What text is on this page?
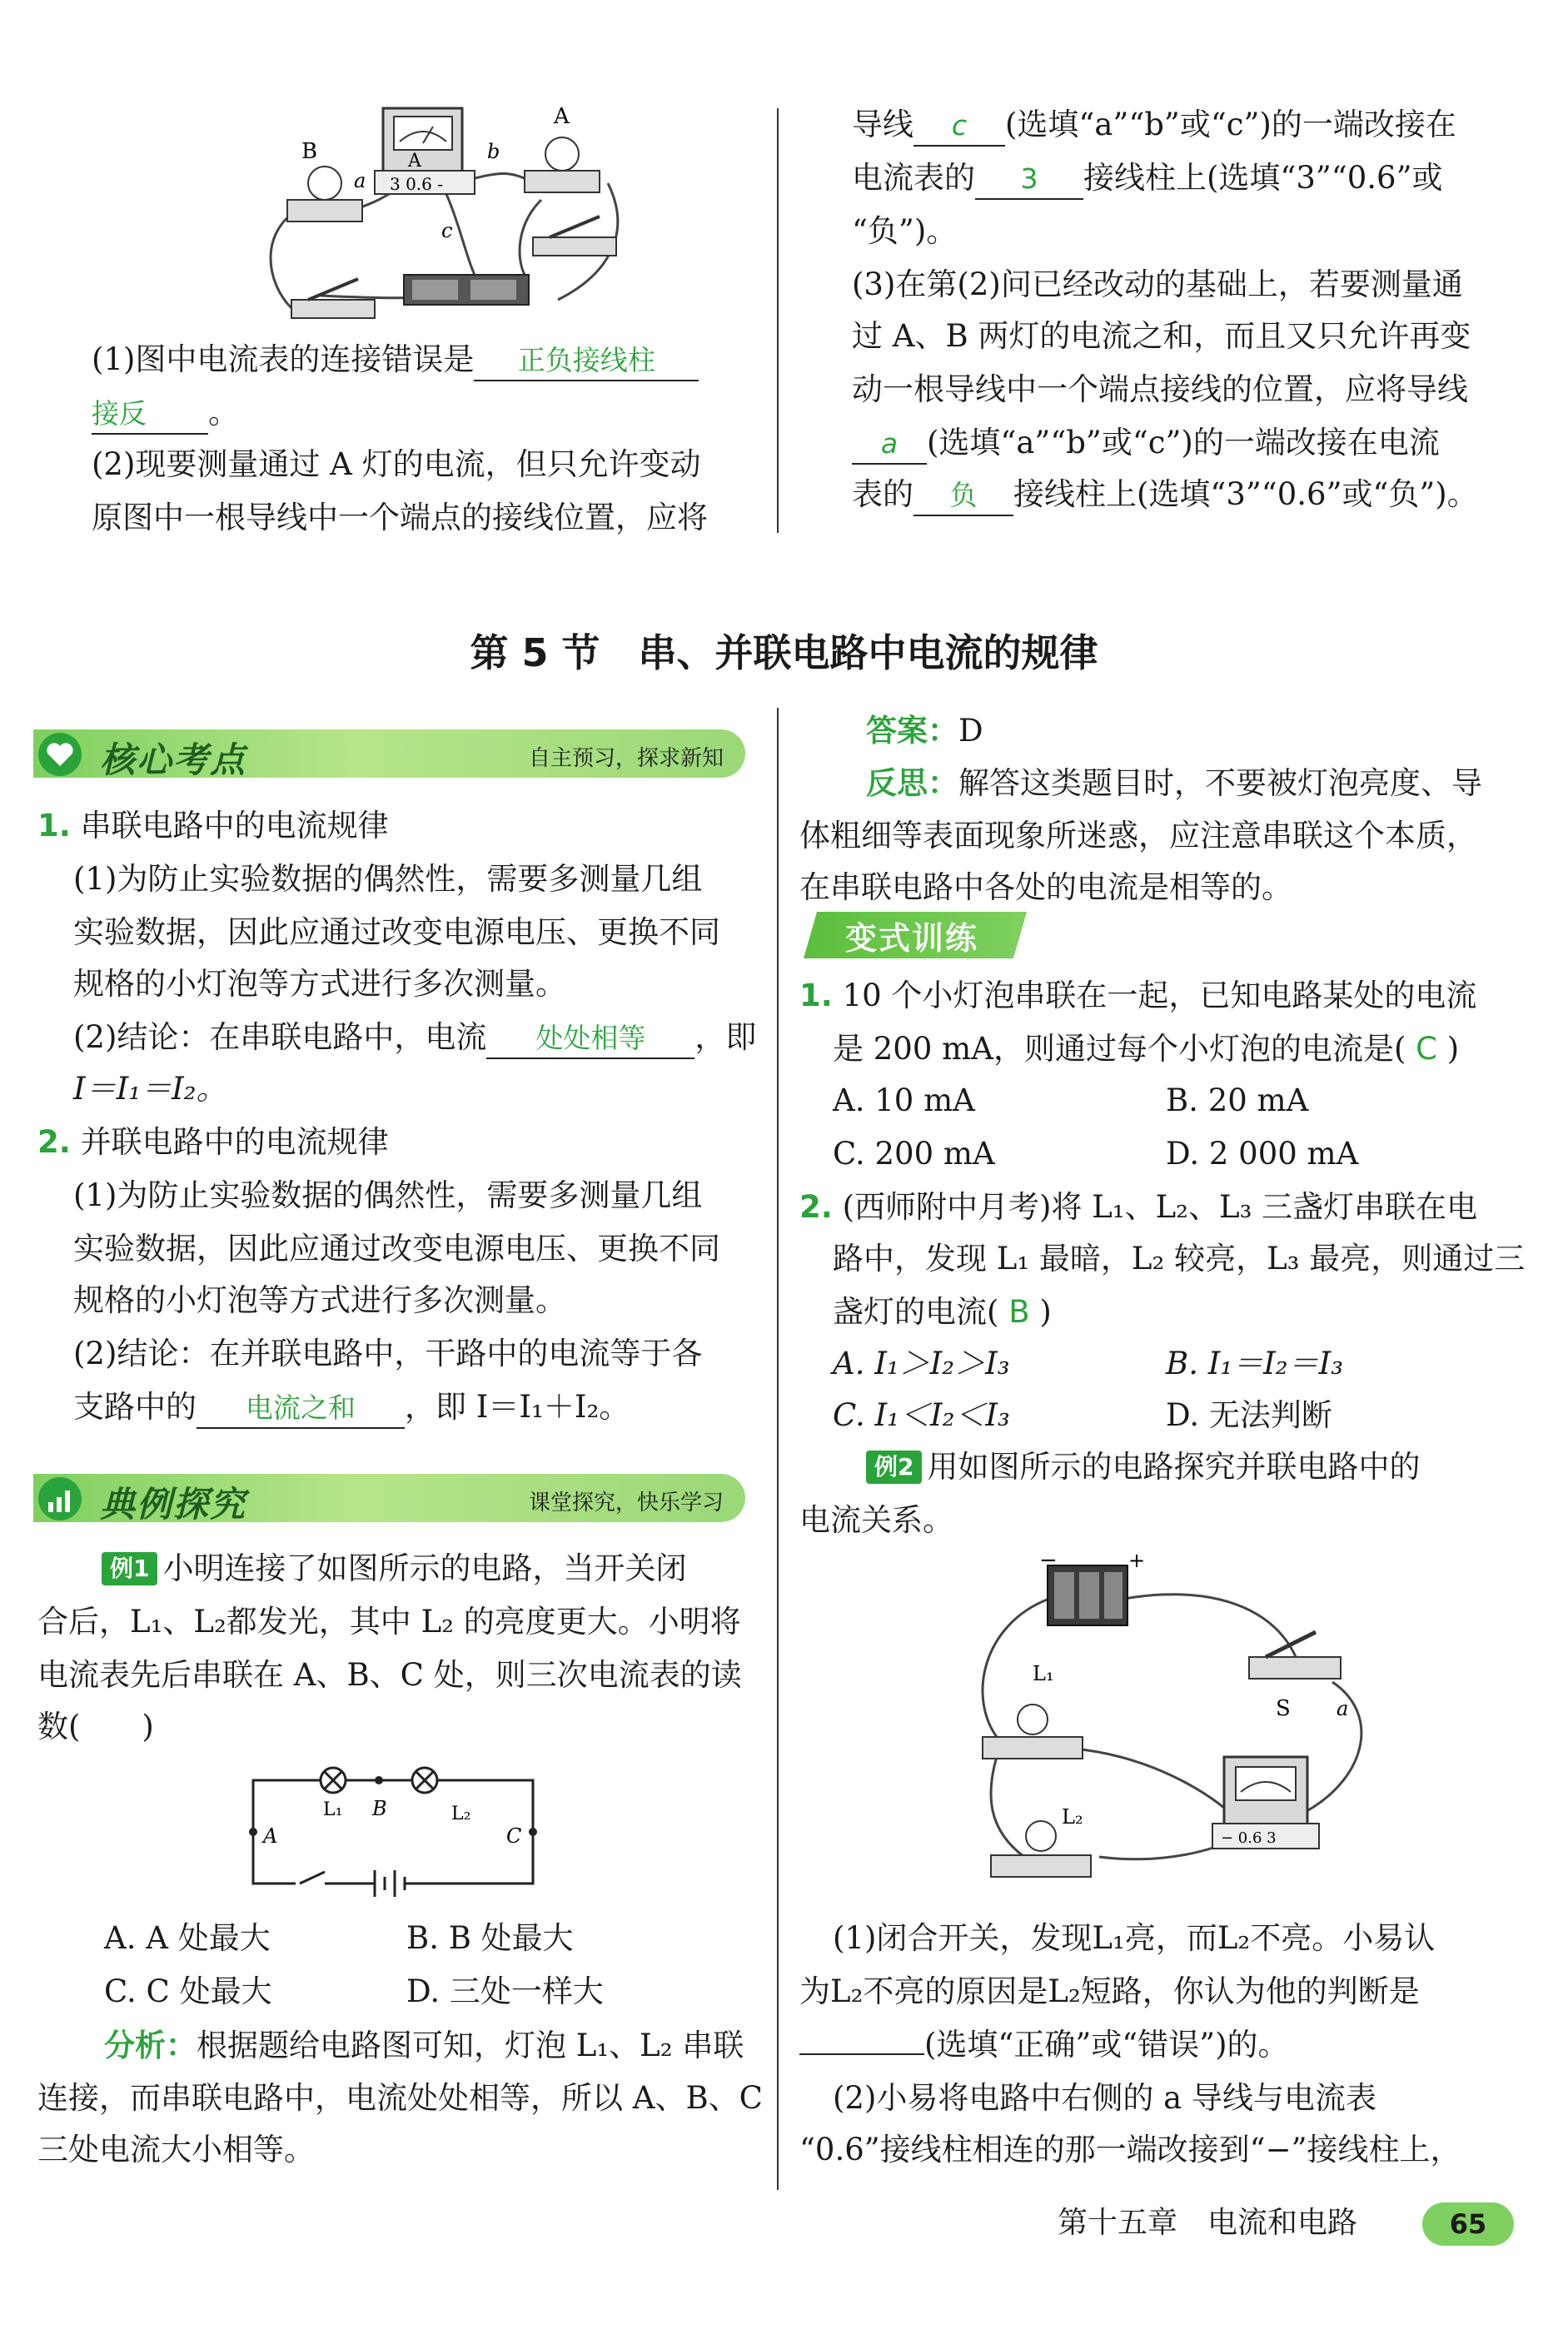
3 0.6 -
A
B
a
b
A
c

(1)图中电流表的连接错误是 正负接线柱

接反 。

(2)现要测量通过 A 灯的电流，但只允许变动

原图中一根导线中一个端点的接线位置，应将

导线 c (选填“a”“b”或“c”)的一端改接在

电流表的 3 接线柱上(选填“3”“0.6”或

“负”)。

(3)在第(2)问已经改动的基础上，若要测量通

过 A、B 两灯的电流之和，而且又只允许再变

动一根导线中一个端点接线的位置，应将导线

a (选填“a”“b”或“c”)的一端改接在电流

表的 负 接线柱上(选填“3”“0.6”或“负”)。

第 5 节　串、并联电路中电流的规律
核心考点	自主预习，探求新知

1. 串联电路中的电流规律

(1)为防止实验数据的偶然性，需要多测量几组

实验数据，因此应通过改变电源电压、更换不同

规格的小灯泡等方式进行多次测量。

(2)结论：在串联电路中，电流 处处相等 ，即

I＝I₁＝I₂。

2. 并联电路中的电流规律

(1)为防止实验数据的偶然性，需要多测量几组

实验数据，因此应通过改变电源电压、更换不同

规格的小灯泡等方式进行多次测量。

(2)结论：在并联电路中，干路中的电流等于各

支路中的 电流之和 ，即 I＝I₁＋I₂。

典例探究	课堂探究，快乐学习

例1 小明连接了如图所示的电路，当开关闭

合后，L₁、L₂都发光，其中 L₂ 的亮度更大。小明将

电流表先后串联在 A、B、C 处，则三次电流表的读

数(　　)

A
B
C
L₁	L₂
A. A 处最大	B. B 处最大
C. C 处最大	D. 三处一样大

分析：根据题给电路图可知，灯泡 L₁、L₂ 串联

连接，而串联电路中，电流处处相等，所以 A、B、C

三处电流大小相等。

答案：D

反思：解答这类题目时，不要被灯泡亮度、导

体粗细等表面现象所迷惑，应注意串联这个本质，

在串联电路中各处的电流是相等的。

变式训练

1. 10 个小灯泡串联在一起，已知电路某处的电流

是 200 mA，则通过每个小灯泡的电流是( C )

A. 10 mA	B. 20 mA
C. 200 mA	D. 2 000 mA

2. (西师附中月考)将 L₁、L₂、L₃ 三盏灯串联在电

路中，发现 L₁ 最暗，L₂ 较亮，L₃ 最亮，则通过三

盏灯的电流( B )

A. I₁＞I₂＞I₃	B. I₁＝I₂＝I₃
C. I₁＜I₂＜I₃	D. 无法判断

例2 用如图所示的电路探究并联电路中的

电流关系。

−	+
S a
L₁
L₂
− 0.6 3

(1)闭合开关，发现L₁亮，而L₂不亮。小易认

为L₂不亮的原因是L₂短路，你认为他的判断是

(选填“正确”或“错误”)的。

(2)小易将电路中右侧的 a 导线与电流表

“0.6”接线柱相连的那一端改接到“−”接线柱上，

第十五章　电流和电路	65
